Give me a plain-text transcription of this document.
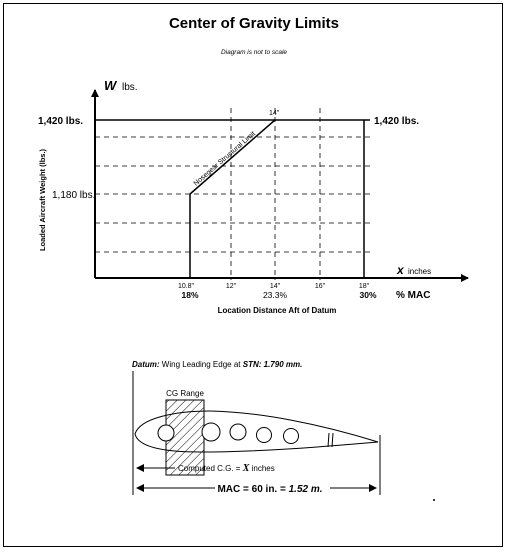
Center of Gravity Limits
Diagram is not to scale
W lbs.
Loaded Aircraft Weight (lbs.)	Nosegear Structural Limit
1,420 lbs.	1,420 lbs.
1,180 lbs.
14"
x inches
10.8"	12"	14"	16"	18"
18%	23.3%	30% % MAC
Location Distance Aft of Datum
Datum: Wing Leading Edge at STN: 1.790 mm.
CG Range
Computed C.G. = X inches
MAC = 60 in. = 1.52 m.
